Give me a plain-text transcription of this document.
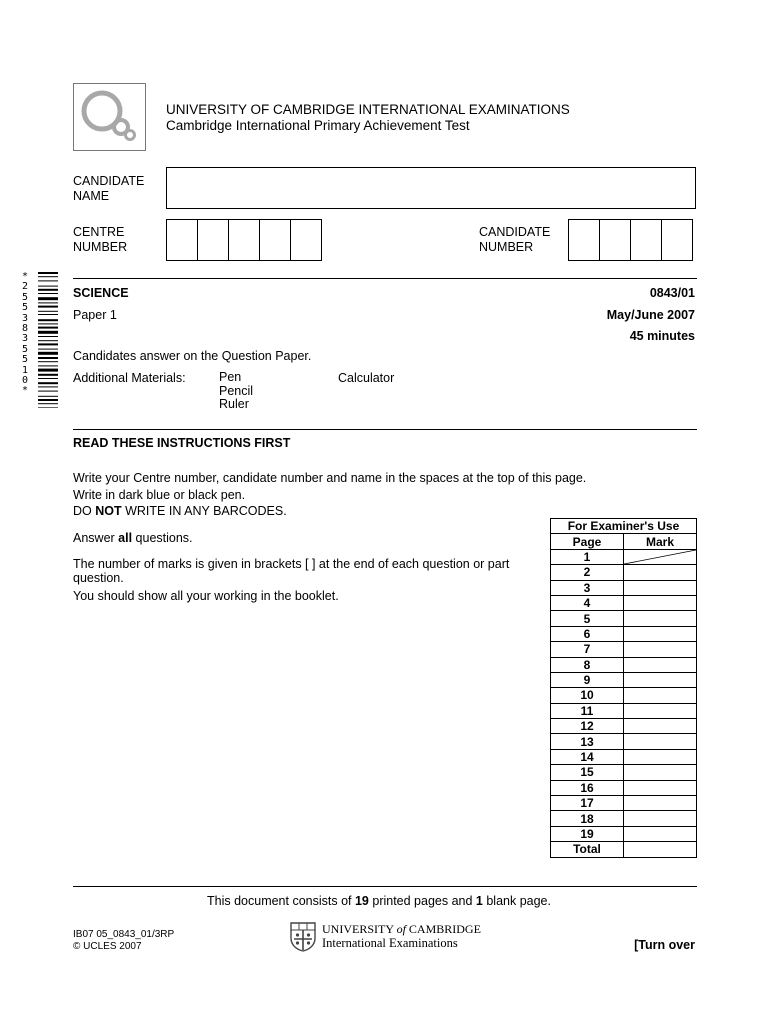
UNIVERSITY OF CAMBRIDGE INTERNATIONAL EXAMINATIONS
Cambridge International Primary Achievement Test
CANDIDATE
NAME
CENTRE
NUMBER
CANDIDATE
NUMBER
*
2
5
5
3
8
3
5
5
1
0
*
SCIENCE	0843/01
Paper 1	May/June 2007
45 minutes
Candidates answer on the Question Paper.
Additional Materials:	Pen
Pencil
Ruler
Calculator
READ THESE INSTRUCTIONS FIRST
Write your Centre number, candidate number and name in the spaces at the top of this page.
Write in dark blue or black pen.
DO NOT WRITE IN ANY BARCODES.
Answer all questions.
The number of marks is given in brackets [ ] at the end of each question or part question.
You should show all your working in the booklet.
For Examiner's Use	
Page	Mark
1	

2	
3	
4	
5	
6	
7	
8	
9	
10	
11	
12	
13	
14	
15	
16	
17	
18	
19	
Total	
This document consists of 19 printed pages and 1 blank page.
IB07 05_0843_01/3RP
© UCLES 2007
UNIVERSITY of CAMBRIDGE
International Examinations	[Turn over
